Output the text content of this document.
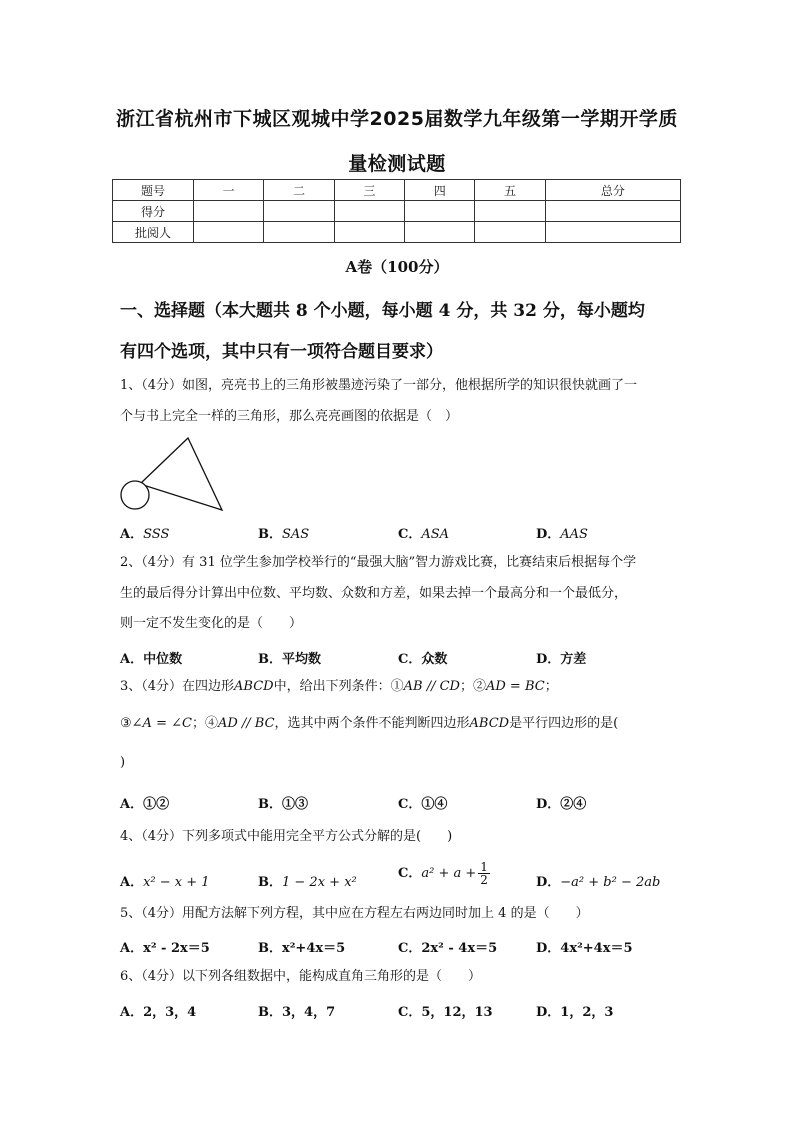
浙江省杭州市下城区观城中学2025届数学九年级第一学期开学质
量检测试题
题号	一	二	三	四	五	总分
得分						
批阅人						
A卷（100分）
一、选择题（本大题共 8 个小题，每小题 4 分，共 32 分，每小题均
有四个选项，其中只有一项符合题目要求）
1、（4分）如图，亮亮书上的三角形被墨迹污染了一部分，他根据所学的知识很快就画了一
个与书上完全一样的三角形，那么亮亮画图的依据是（　）
A．SSS	B．SAS	C．ASA	D．AAS
2、（4分）有 31 位学生参加学校举行的“最强大脑”智力游戏比赛，比赛结束后根据每个学
生的最后得分计算出中位数、平均数、众数和方差，如果去掉一个最高分和一个最低分，
则一定不发生变化的是（　　）
A．中位数	B．平均数	C．众数	D．方差
3、（4分）在四边形ABCD中，给出下列条件：①AB // CD；②AD = BC；
③∠A = ∠C；④AD // BC，选其中两个条件不能判断四边形ABCD是平行四边形的是(
)
A．①②	B．①③	C．①④	D．②④
4、（4分）下列多项式中能用完全平方公式分解的是(　　)
A．x² − x + 1	B．1 − 2x + x²
C．$a^2 + a + \frac{1}{2}$	D．−a² + b² − 2ab
5、（4分）用配方法解下列方程，其中应在方程左右两边同时加上 4 的是（　　）
A．x² - 2x＝5	B．x²+4x＝5	C．2x² - 4x＝5	D．4x²+4x＝5
6、（4分）以下列各组数据中，能构成直角三角形的是（　　）
A．2，3，4	B．3，4，7	C．5，12，13	D．1，2，3
